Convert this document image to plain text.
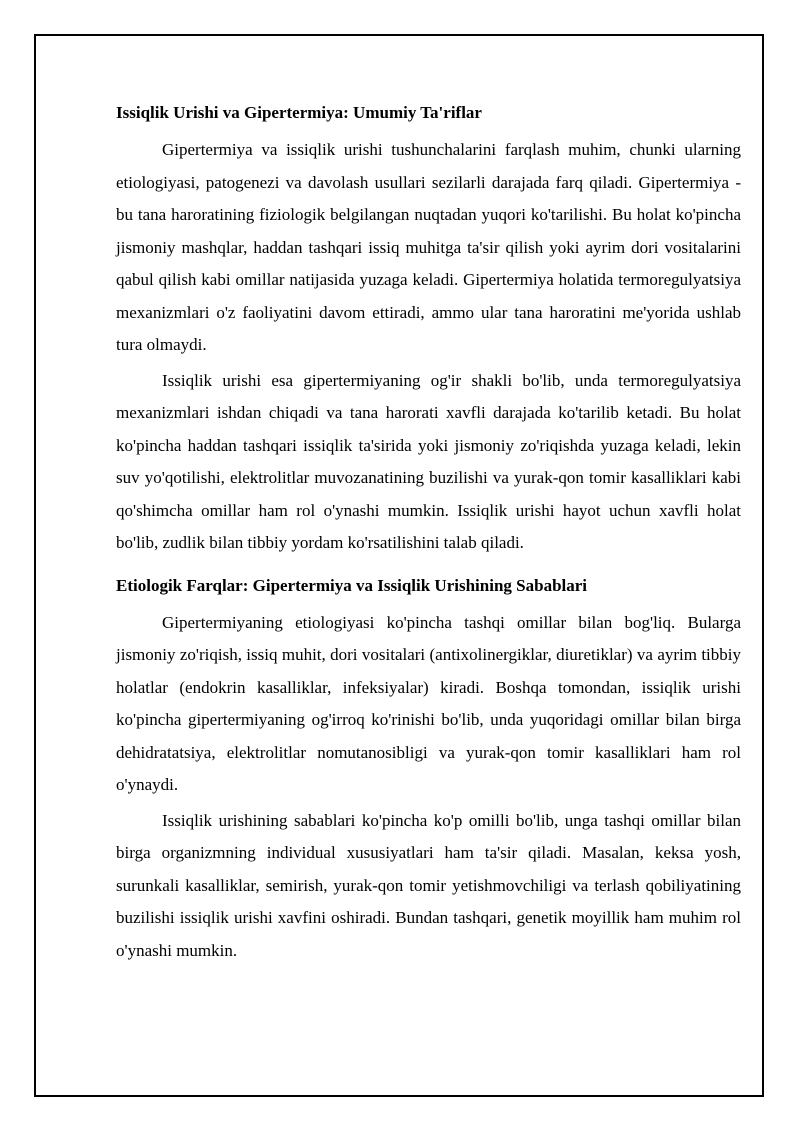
Issiqlik Urishi va Gipertermiya: Umumiy Ta'riflar

Gipertermiya va issiqlik urishi tushunchalarini farqlash muhim, chunki ularning etiologiyasi, patogenezi va davolash usullari sezilarli darajada farq qiladi. Gipertermiya - bu tana haroratining fiziologik belgilangan nuqtadan yuqori ko'tarilishi. Bu holat ko'pincha jismoniy mashqlar, haddan tashqari issiq muhitga ta'sir qilish yoki ayrim dori vositalarini qabul qilish kabi omillar natijasida yuzaga keladi. Gipertermiya holatida termoregulyatsiya mexanizmlari o'z faoliyatini davom ettiradi, ammo ular tana haroratini me'yorida ushlab tura olmaydi.

Issiqlik urishi esa gipertermiyaning og'ir shakli bo'lib, unda termoregulyatsiya mexanizmlari ishdan chiqadi va tana harorati xavfli darajada ko'tarilib ketadi. Bu holat ko'pincha haddan tashqari issiqlik ta'sirida yoki jismoniy zo'riqishda yuzaga keladi, lekin suv yo'qotilishi, elektrolitlar muvozanatining buzilishi va yurak-qon tomir kasalliklari kabi qo'shimcha omillar ham rol o'ynashi mumkin. Issiqlik urishi hayot uchun xavfli holat bo'lib, zudlik bilan tibbiy yordam ko'rsatilishini talab qiladi.

Etiologik Farqlar: Gipertermiya va Issiqlik Urishining Sabablari

Gipertermiyaning etiologiyasi ko'pincha tashqi omillar bilan bog'liq. Bularga jismoniy zo'riqish, issiq muhit, dori vositalari (antixolinergiklar, diuretiklar) va ayrim tibbiy holatlar (endokrin kasalliklar, infeksiyalar) kiradi. Boshqa tomondan, issiqlik urishi ko'pincha gipertermiyaning og'irroq ko'rinishi bo'lib, unda yuqoridagi omillar bilan birga dehidratatsiya, elektrolitlar nomutanosibligi va yurak-qon tomir kasalliklari ham rol o'ynaydi.

Issiqlik urishining sabablari ko'pincha ko'p omilli bo'lib, unga tashqi omillar bilan birga organizmning individual xususiyatlari ham ta'sir qiladi. Masalan, keksa yosh, surunkali kasalliklar, semirish, yurak-qon tomir yetishmovchiligi va terlash qobiliyatining buzilishi issiqlik urishi xavfini oshiradi. Bundan tashqari, genetik moyillik ham muhim rol o'ynashi mumkin.
